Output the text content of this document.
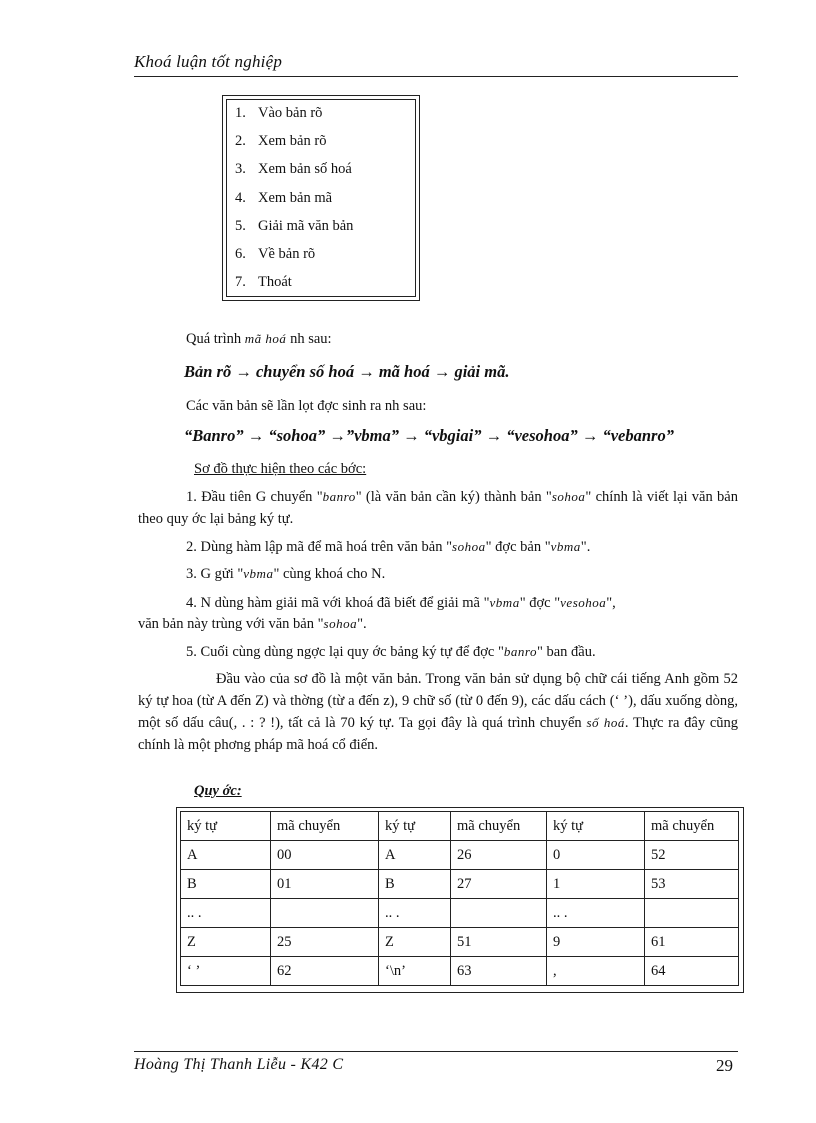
Khoá luận tốt nghiệp
1. Vào bản rõ
2. Xem bản rõ
3. Xem bản số hoá
4. Xem bản mã
5. Giải mã văn bản
6. Về bản rõ
7. Thoát
Quá trình mã hoá nh sau:
Bản rõ → chuyển số hoá → mã hoá → giải mã.
Các văn bản sẽ lần lọt đợc sinh ra nh sau:
“Banro” → “sohoa” →”vbma” → “vbgiai” → “vesohoa” → “vebanro”
Sơ đồ thực hiện theo các bớc:
1. Đầu tiên G chuyển "banro" (là văn bản cần ký) thành bản "sohoa" chính là viết lại văn bản theo quy ớc lại bảng ký tự.
2. Dùng hàm lập mã để mã hoá trên văn bản "sohoa" đợc bản "vbma".
3. G gửi "vbma" cùng khoá cho N.
4. N dùng hàm giải mã với khoá đã biết để giải mã "vbma" đợc "vesohoa",
văn bản này trùng với văn bản "sohoa".
5. Cuối cùng dùng ngợc lại quy ớc bảng ký tự để đợc "banro" ban đầu.
Đầu vào của sơ đồ là một văn bản. Trong văn bản sử dụng bộ chữ cái tiếng Anh gồm 52 ký tự hoa (từ A đến Z) và thờng (từ a đến z), 9 chữ số (từ 0 đến 9), các dấu cách (‘ ’), dấu xuống dòng, một số dấu câu(, . : ? !), tất cả là 70 ký tự. Ta gọi đây là quá trình chuyển số hoá. Thực ra đây cũng chính là một phơng pháp mã hoá cổ điển.
Quy ớc:
ký tự	mã chuyển	ký tự	mã chuyển	ký tự	mã chuyển
A	00	A	26	0	52
B	01	B	27	1	53
.. .		.. .		.. .	
Z	25	Z	51	9	61
‘ ’	62	‘\n’	63	,	64
Hoàng Thị Thanh Liễu - K42 C	29
